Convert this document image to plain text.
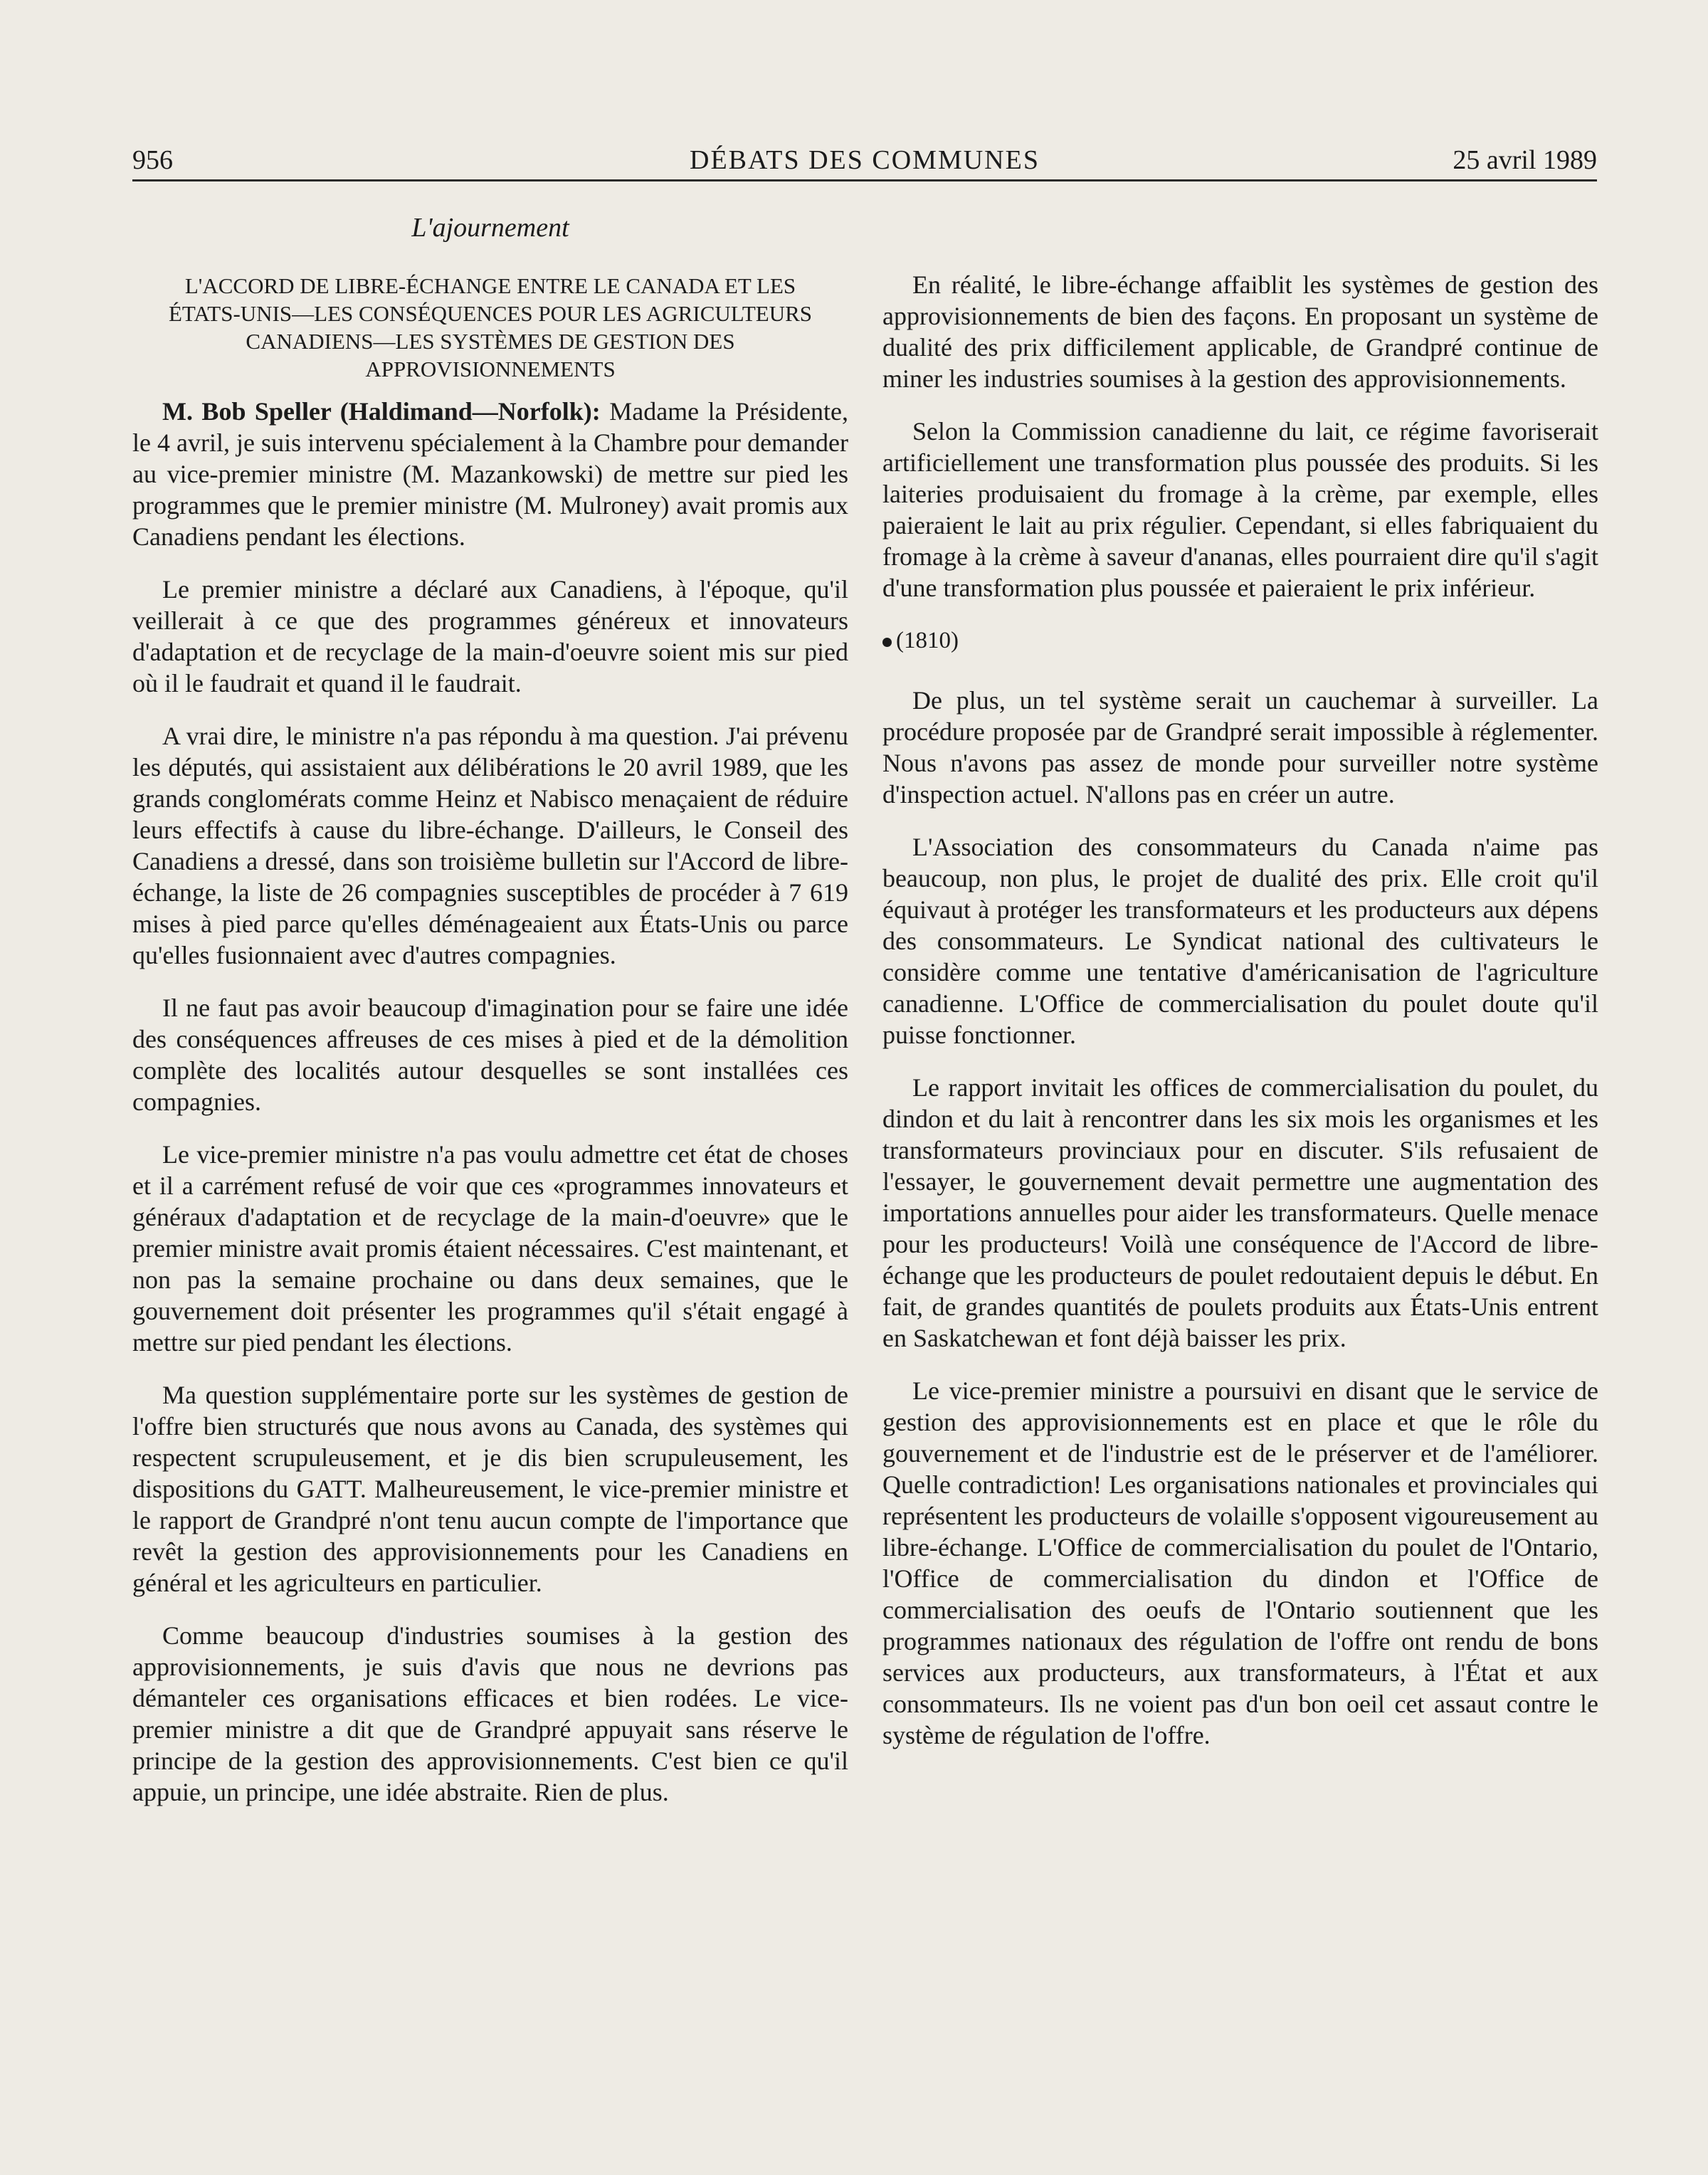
956	DÉBATS DES COMMUNES	25 avril 1989
L'ajournement
L'ACCORD DE LIBRE-ÉCHANGE ENTRE LE CANADA ET LES ÉTATS-UNIS—LES CONSÉQUENCES POUR LES AGRICULTEURS CANADIENS—LES SYSTÈMES DE GESTION DES APPROVISIONNEMENTS

M. Bob Speller (Haldimand—Norfolk): Madame la Présidente, le 4 avril, je suis intervenu spécialement à la Chambre pour demander au vice-premier ministre (M. Mazankowski) de mettre sur pied les programmes que le premier ministre (M. Mulroney) avait promis aux Canadiens pendant les élections.

Le premier ministre a déclaré aux Canadiens, à l'époque, qu'il veillerait à ce que des programmes généreux et innovateurs d'adaptation et de recyclage de la main-d'oeuvre soient mis sur pied où il le faudrait et quand il le faudrait.

A vrai dire, le ministre n'a pas répondu à ma question. J'ai prévenu les députés, qui assistaient aux délibérations le 20 avril 1989, que les grands conglomérats comme Heinz et Nabisco menaçaient de réduire leurs effectifs à cause du libre-échange. D'ailleurs, le Conseil des Canadiens a dressé, dans son troisième bulletin sur l'Accord de libre-échange, la liste de 26 compagnies susceptibles de procéder à 7 619 mises à pied parce qu'elles déménageaient aux États-Unis ou parce qu'elles fusionnaient avec d'autres compagnies.

Il ne faut pas avoir beaucoup d'imagination pour se faire une idée des conséquences affreuses de ces mises à pied et de la démolition complète des localités autour desquelles se sont installées ces compagnies.

Le vice-premier ministre n'a pas voulu admettre cet état de choses et il a carrément refusé de voir que ces «programmes innovateurs et généraux d'adaptation et de recyclage de la main-d'oeuvre» que le premier ministre avait promis étaient nécessaires. C'est maintenant, et non pas la semaine prochaine ou dans deux semaines, que le gouvernement doit présenter les programmes qu'il s'était engagé à mettre sur pied pendant les élections.

Ma question supplémentaire porte sur les systèmes de gestion de l'offre bien structurés que nous avons au Canada, des systèmes qui respectent scrupuleusement, et je dis bien scrupuleusement, les dispositions du GATT. Malheureusement, le vice-premier ministre et le rapport de Grandpré n'ont tenu aucun compte de l'importance que revêt la gestion des approvisionnements pour les Canadiens en général et les agriculteurs en particulier.

Comme beaucoup d'industries soumises à la gestion des approvisionnements, je suis d'avis que nous ne devrions pas démanteler ces organisations efficaces et bien rodées. Le vice-premier ministre a dit que de Grandpré appuyait sans réserve le principe de la gestion des approvisionnements. C'est bien ce qu'il appuie, un principe, une idée abstraite. Rien de plus.

En réalité, le libre-échange affaiblit les systèmes de gestion des approvisionnements de bien des façons. En proposant un système de dualité des prix difficilement applicable, de Grandpré continue de miner les industries soumises à la gestion des approvisionnements.

Selon la Commission canadienne du lait, ce régime favoriserait artificiellement une transformation plus poussée des produits. Si les laiteries produisaient du fromage à la crème, par exemple, elles paieraient le lait au prix régulier. Cependant, si elles fabriquaient du fromage à la crème à saveur d'ananas, elles pourraient dire qu'il s'agit d'une transformation plus poussée et paieraient le prix inférieur.

(1810)

De plus, un tel système serait un cauchemar à surveiller. La procédure proposée par de Grandpré serait impossible à réglementer. Nous n'avons pas assez de monde pour surveiller notre système d'inspection actuel. N'allons pas en créer un autre.

L'Association des consommateurs du Canada n'aime pas beaucoup, non plus, le projet de dualité des prix. Elle croit qu'il équivaut à protéger les transformateurs et les producteurs aux dépens des consommateurs. Le Syndicat national des cultivateurs le considère comme une tentative d'américanisation de l'agriculture canadienne. L'Office de commercialisation du poulet doute qu'il puisse fonctionner.

Le rapport invitait les offices de commercialisation du poulet, du dindon et du lait à rencontrer dans les six mois les organismes et les transformateurs provinciaux pour en discuter. S'ils refusaient de l'essayer, le gouvernement devait permettre une augmentation des importations annuelles pour aider les transformateurs. Quelle menace pour les producteurs! Voilà une conséquence de l'Accord de libre-échange que les producteurs de poulet redoutaient depuis le début. En fait, de grandes quantités de poulets produits aux États-Unis entrent en Saskatchewan et font déjà baisser les prix.

Le vice-premier ministre a poursuivi en disant que le service de gestion des approvisionnements est en place et que le rôle du gouvernement et de l'industrie est de le préserver et de l'améliorer. Quelle contradiction! Les organisations nationales et provinciales qui représentent les producteurs de volaille s'opposent vigoureusement au libre-échange. L'Office de commercialisation du poulet de l'Ontario, l'Office de commercialisation du dindon et l'Office de commercialisation des oeufs de l'Ontario soutiennent que les programmes nationaux des régulation de l'offre ont rendu de bons services aux producteurs, aux transformateurs, à l'État et aux consommateurs. Ils ne voient pas d'un bon oeil cet assaut contre le système de régulation de l'offre.
